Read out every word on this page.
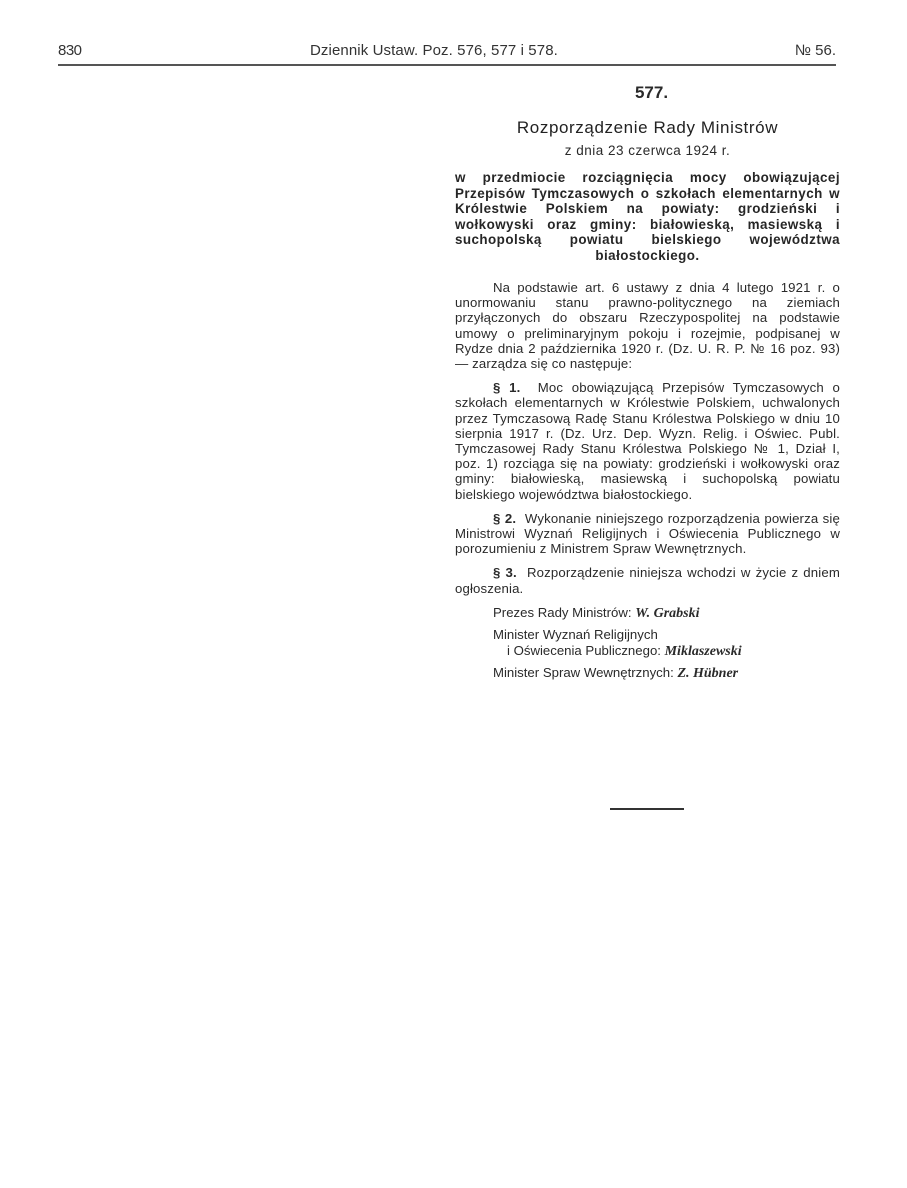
830	Dziennik Ustaw. Poz. 576, 577 i 578.	№ 56.
577.
Rozporządzenie Rady Ministrów
z dnia 23 czerwca 1924 r.
w przedmiocie rozciągnięcia mocy obowiązującej Przepisów Tymczasowych o szkołach elementarnych w Królestwie Polskiem na powiaty: grodzieński i wołkowyski oraz gminy: białowieską, masiewską i suchopolską powiatu bielskiego województwa białostockiego.

Na podstawie art. 6 ustawy z dnia 4 lutego 1921 r. o unormowaniu stanu prawno-politycznego na ziemiach przyłączonych do obszaru Rzeczypospolitej na podstawie umowy o preliminaryjnym pokoju i rozejmie, podpisanej w Rydze dnia 2 października 1920 r. (Dz. U. R. P. № 16 poz. 93) — zarządza się co następuje:

§ 1. Moc obowiązującą Przepisów Tymczasowych o szkołach elementarnych w Królestwie Polskiem, uchwalonych przez Tymczasową Radę Stanu Królestwa Polskiego w dniu 10 sierpnia 1917 r. (Dz. Urz. Dep. Wyzn. Relig. i Oświec. Publ. Tymczasowej Rady Stanu Królestwa Polskiego № 1, Dział I, poz. 1) rozciąga się na powiaty: grodzieński i wołkowyski oraz gminy: białowieską, masiewską i suchopolską powiatu bielskiego województwa białostockiego.

§ 2. Wykonanie niniejszego rozporządzenia powierza się Ministrowi Wyznań Religijnych i Oświecenia Publicznego w porozumieniu z Ministrem Spraw Wewnętrznych.

§ 3. Rozporządzenie niniejsza wchodzi w życie z dniem ogłoszenia.

Prezes Rady Ministrów: W. Grabski
Minister Wyznań Religijnych
i Oświecenia Publicznego: Miklaszewski
Minister Spraw Wewnętrznych: Z. Hübner
